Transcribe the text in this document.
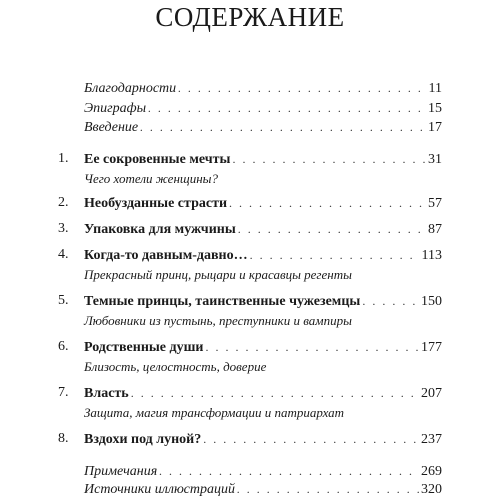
СОДЕРЖАНИЕ
Благодарности . . .	11
Эпиграфы . . .	15
Введение . . .	17
1.	Ее сокровенные мечты . . .	31
Чего хотели женщины?
2.	Необузданные страсти . . .	57
3.	Упаковка для мужчины . . .	87
4.	Когда-то давным-давно… . . .	113
Прекрасный принц, рыцари и красавцы регенты
5.	Темные принцы, таинственные чужеземцы . . .	150
Любовники из пустынь, преступники и вампиры
6.	Родственные души . . .	177
Близость, целостность, доверие
7.	Власть . . .	207
Защита, магия трансформации и патриархат
8.	Вздохи под луной? . . .	237
Примечания . . .	269
Источники иллюстраций . . .	320
